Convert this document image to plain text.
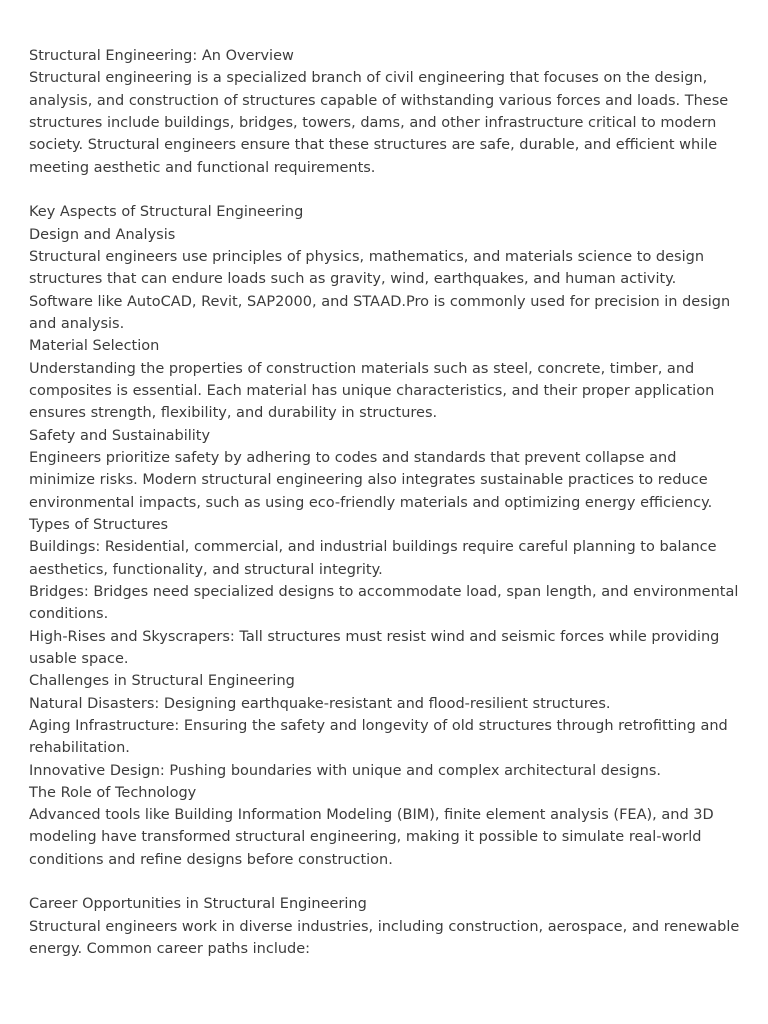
Structural Engineering: An Overview

Structural engineering is a specialized branch of civil engineering that focuses on the design, analysis, and construction of structures capable of withstanding various forces and loads. These structures include buildings, bridges, towers, dams, and other infrastructure critical to modern society. Structural engineers ensure that these structures are safe, durable, and efficient while meeting aesthetic and functional requirements.

Key Aspects of Structural Engineering

Design and Analysis

Structural engineers use principles of physics, mathematics, and materials science to design structures that can endure loads such as gravity, wind, earthquakes, and human activity. Software like AutoCAD, Revit, SAP2000, and STAAD.Pro is commonly used for precision in design and analysis.

Material Selection

Understanding the properties of construction materials such as steel, concrete, timber, and composites is essential. Each material has unique characteristics, and their proper application ensures strength, flexibility, and durability in structures.

Safety and Sustainability

Engineers prioritize safety by adhering to codes and standards that prevent collapse and minimize risks. Modern structural engineering also integrates sustainable practices to reduce environmental impacts, such as using eco-friendly materials and optimizing energy efficiency.

Types of Structures

Buildings: Residential, commercial, and industrial buildings require careful planning to balance aesthetics, functionality, and structural integrity.

Bridges: Bridges need specialized designs to accommodate load, span length, and environmental conditions.

High-Rises and Skyscrapers: Tall structures must resist wind and seismic forces while providing usable space.

Challenges in Structural Engineering

Natural Disasters: Designing earthquake-resistant and flood-resilient structures.

Aging Infrastructure: Ensuring the safety and longevity of old structures through retrofitting and rehabilitation.

Innovative Design: Pushing boundaries with unique and complex architectural designs.

The Role of Technology

Advanced tools like Building Information Modeling (BIM), finite element analysis (FEA), and 3D modeling have transformed structural engineering, making it possible to simulate real-world conditions and refine designs before construction.

Career Opportunities in Structural Engineering

Structural engineers work in diverse industries, including construction, aerospace, and renewable energy. Common career paths include:
